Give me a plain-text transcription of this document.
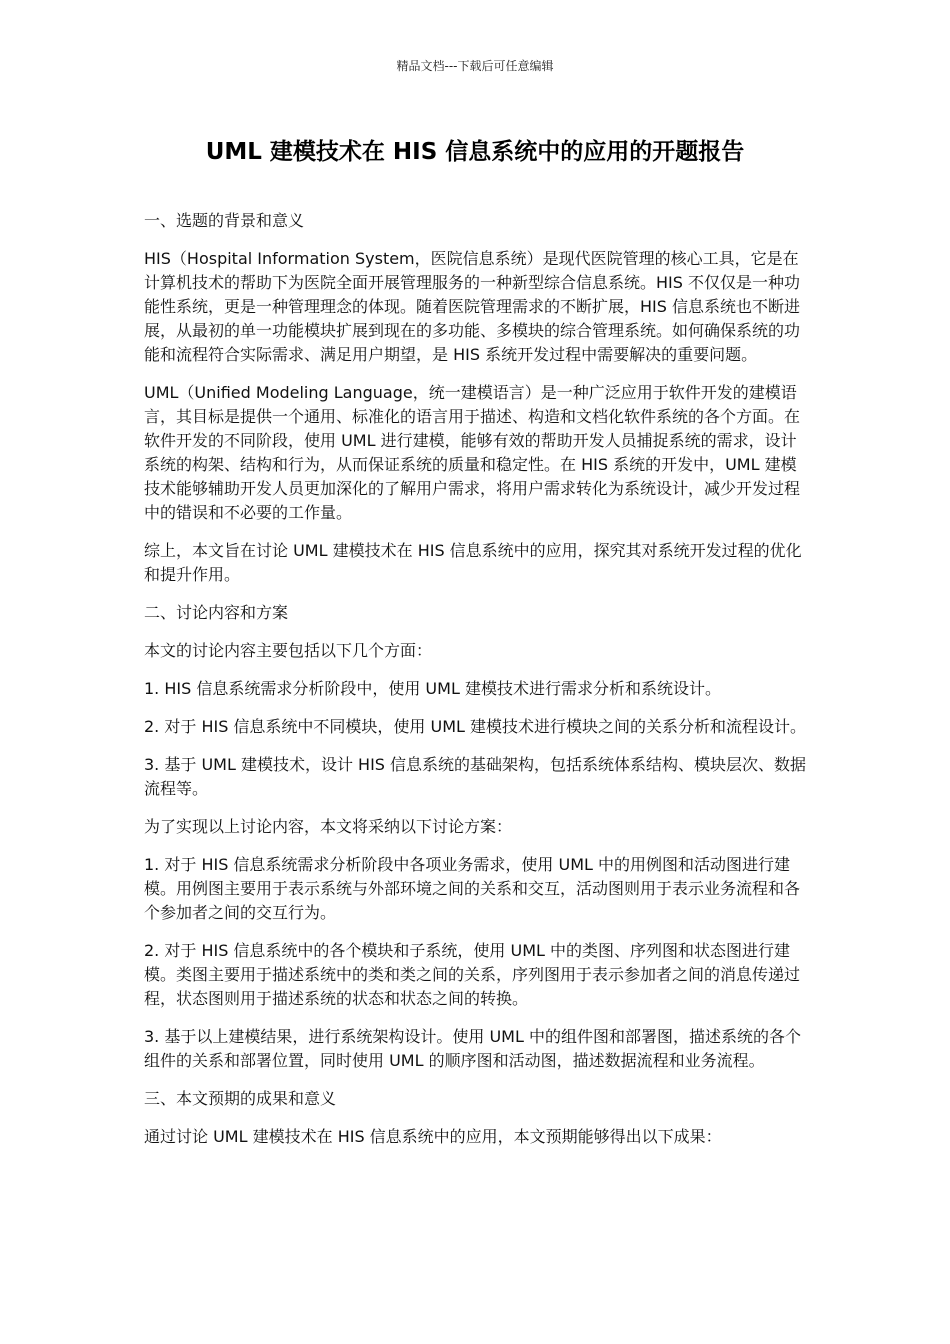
精品文档---下载后可任意编辑
UML 建模技术在 HIS 信息系统中的应用的开题报告

一、选题的背景和意义

HIS（Hospital Information System，医院信息系统）是现代医院管理的核心工具，它是在计算机技术的帮助下为医院全面开展管理服务的一种新型综合信息系统。HIS 不仅仅是一种功能性系统，更是一种管理理念的体现。随着医院管理需求的不断扩展，HIS 信息系统也不断进展，从最初的单一功能模块扩展到现在的多功能、多模块的综合管理系统。如何确保系统的功能和流程符合实际需求、满足用户期望，是 HIS 系统开发过程中需要解决的重要问题。

UML（Unified Modeling Language，统一建模语言）是一种广泛应用于软件开发的建模语言，其目标是提供一个通用、标准化的语言用于描述、构造和文档化软件系统的各个方面。在软件开发的不同阶段，使用 UML 进行建模，能够有效的帮助开发人员捕捉系统的需求，设计系统的构架、结构和行为，从而保证系统的质量和稳定性。在 HIS 系统的开发中，UML 建模技术能够辅助开发人员更加深化的了解用户需求，将用户需求转化为系统设计，减少开发过程中的错误和不必要的工作量。

综上，本文旨在讨论 UML 建模技术在 HIS 信息系统中的应用，探究其对系统开发过程的优化和提升作用。

二、讨论内容和方案

本文的讨论内容主要包括以下几个方面：

1. HIS 信息系统需求分析阶段中，使用 UML 建模技术进行需求分析和系统设计。

2. 对于 HIS 信息系统中不同模块，使用 UML 建模技术进行模块之间的关系分析和流程设计。

3. 基于 UML 建模技术，设计 HIS 信息系统的基础架构，包括系统体系结构、模块层次、数据流程等。

为了实现以上讨论内容，本文将采纳以下讨论方案：

1. 对于 HIS 信息系统需求分析阶段中各项业务需求，使用 UML 中的用例图和活动图进行建模。用例图主要用于表示系统与外部环境之间的关系和交互，活动图则用于表示业务流程和各个参加者之间的交互行为。

2. 对于 HIS 信息系统中的各个模块和子系统，使用 UML 中的类图、序列图和状态图进行建模。类图主要用于描述系统中的类和类之间的关系，序列图用于表示参加者之间的消息传递过程，状态图则用于描述系统的状态和状态之间的转换。

3. 基于以上建模结果，进行系统架构设计。使用 UML 中的组件图和部署图，描述系统的各个组件的关系和部署位置，同时使用 UML 的顺序图和活动图，描述数据流程和业务流程。

三、本文预期的成果和意义

通过讨论 UML 建模技术在 HIS 信息系统中的应用，本文预期能够得出以下成果：
